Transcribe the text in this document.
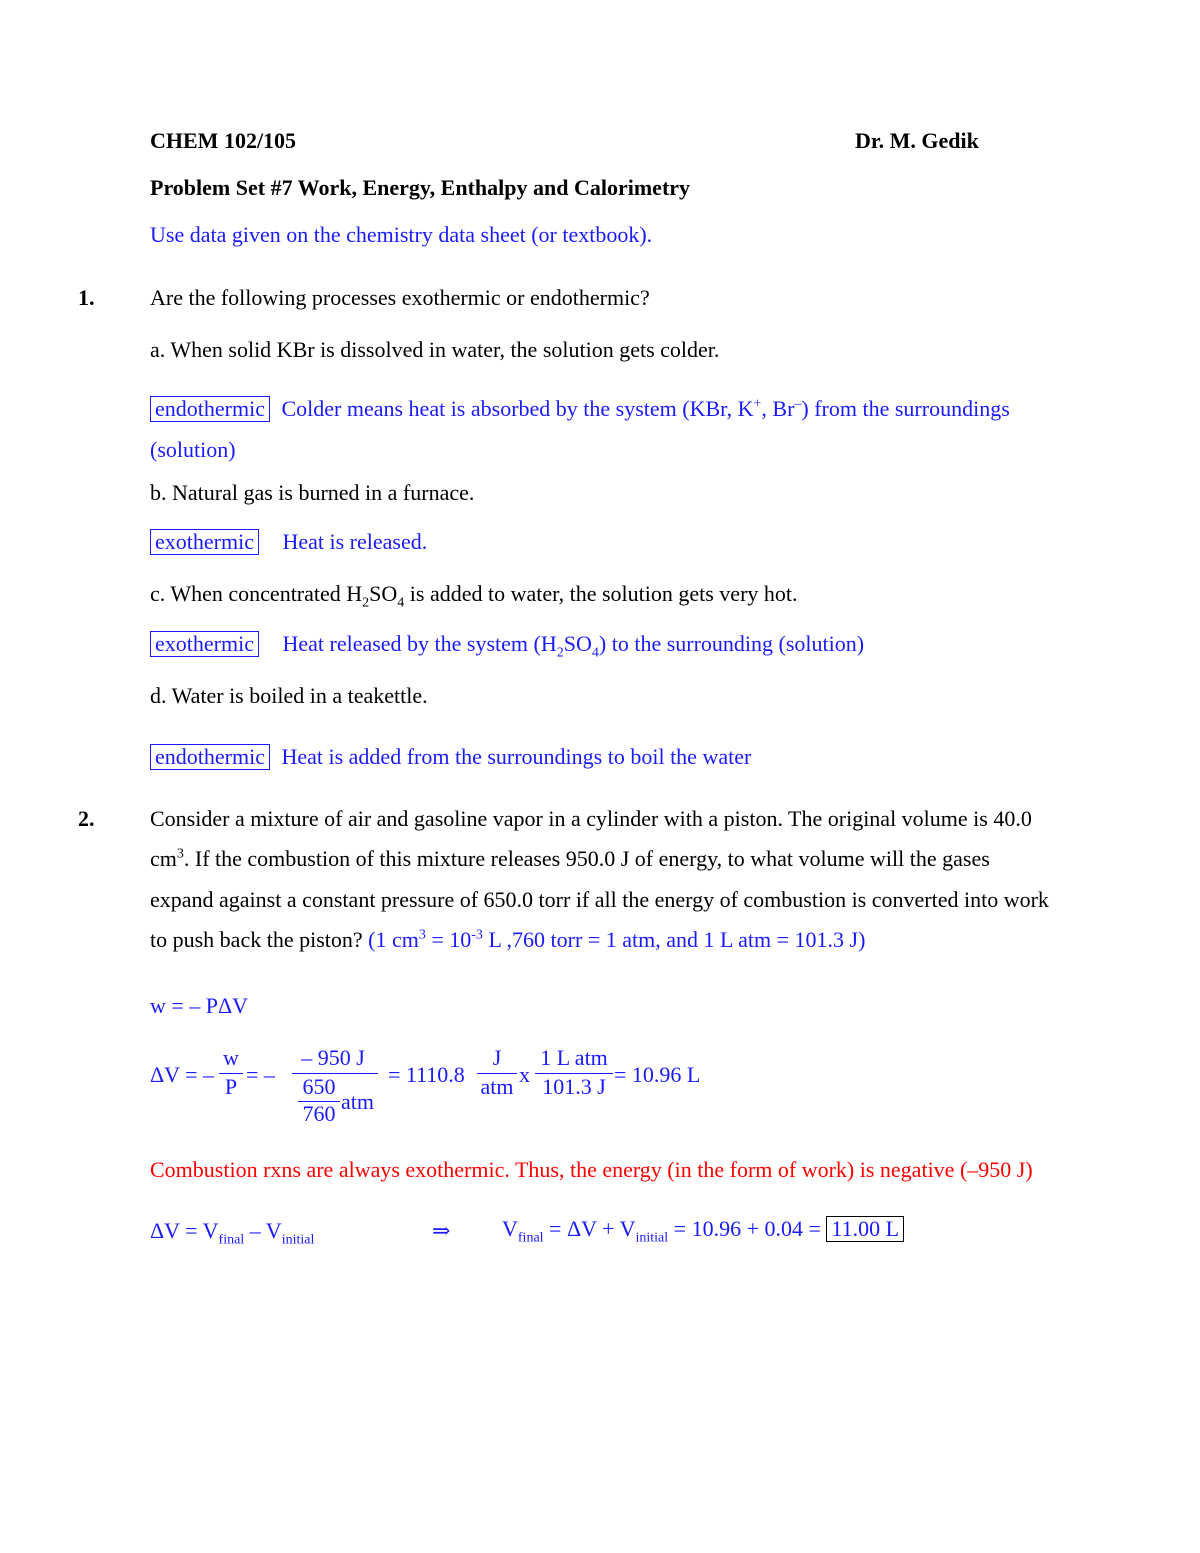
CHEM 102/105	Dr. M. Gedik
Problem Set #7 Work, Energy, Enthalpy and Calorimetry
Use data given on the chemistry data sheet (or textbook).
1.	Are the following processes exothermic or endothermic?
a. When solid KBr is dissolved in water, the solution gets colder.
endothermic Colder means heat is absorbed by the system (KBr, K+, Br–) from the surroundings
(solution)
b. Natural gas is burned in a furnace.
exothermic Heat is released.
c. When concentrated $H_2SO_4$ is added to water, the solution gets very hot.
exothermic Heat released by the system $(H_2SO_4)$ to the surrounding (solution)
d. Water is boiled in a teakettle.
endothermic Heat is added from the surroundings to boil the water
2.	Consider a mixture of air and gasoline vapor in a cylinder with a piston. The original volume is 40.0
$cm^3$. If the combustion of this mixture releases 950.0 J of energy, to what volume will the gases
expand against a constant pressure of 650.0 torr if all the energy of combustion is converted into work
to push back the piston? (1 $cm^3 = 10^{-3}$ L ,760 torr = 1 atm, and 1 L atm = 101.3 J)
w = – PΔV
ΔV = –
w
P = –
– 950 J
650
760 atm
= 1110.8
J
atm x
1 L atm
101.3 J = 10.96 L
Combustion rxns are always exothermic. Thus, the energy (in the form of work) is negative (–950 J)
$\Delta V = V_{final} - V_{initial}$	⇒ $V_{final} = \Delta V + V_{initial} = 10.96 + 0.04 = 11.00$ L
